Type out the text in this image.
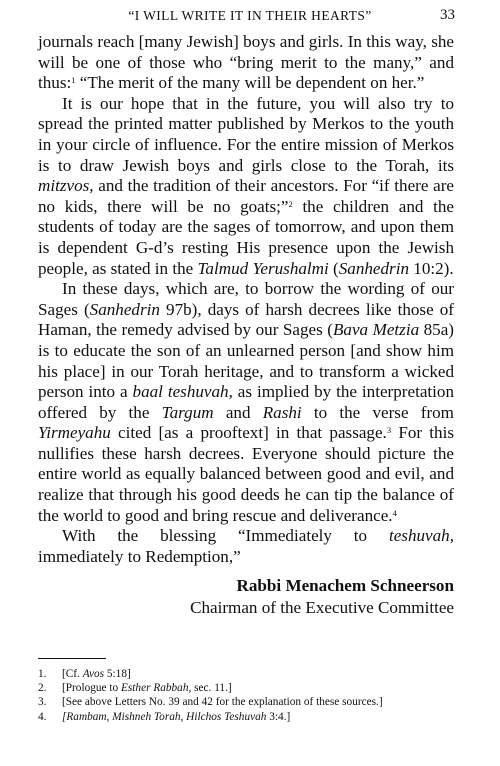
“I WILL WRITE IT IN THEIR HEARTS”	33

journals reach [many Jewish] boys and girls. In this way, she will be one of those who “bring merit to the many,” and thus:$^1$ “The merit of the many will be dependent on her.”

It is our hope that in the future, you will also try to spread the printed matter published by Merkos to the youth in your circle of influence. For the entire mission of Merkos is to draw Jewish boys and girls close to the Torah, its mitzvos, and the tradition of their ancestors. For “if there are no kids, there will be no goats;”$^2$ the children and the students of today are the sages of tomorrow, and upon them is dependent G-d’s resting His presence upon the Jewish people, as stated in the Talmud Yerushalmi (Sanhedrin 10:2).

In these days, which are, to borrow the wording of our Sages (Sanhedrin 97b), days of harsh decrees like those of Haman, the remedy advised by our Sages (Bava Metzia 85a) is to educate the son of an unlearned person [and show him his place] in our Torah heritage, and to transform a wicked person into a baal teshuvah, as implied by the interpretation offered by the Targum and Rashi to the verse from Yirmeyahu cited [as a prooftext] in that passage.$^3$ For this nullifies these harsh decrees. Everyone should picture the entire world as equally balanced between good and evil, and realize that through his good deeds he can tip the balance of the world to good and bring rescue and deliverance.$^4$

With the blessing “Immediately to teshuvah, immediately to Redemption,”

Rabbi Menachem Schneerson
Chairman of the Executive Committee
1.	[Cf. Avos 5:18]
2.	[Prologue to Esther Rabbah, sec. 11.]
3.	[See above Letters No. 39 and 42 for the explanation of these sources.]
4.	[Rambam, Mishneh Torah, Hilchos Teshuvah 3:4.]
